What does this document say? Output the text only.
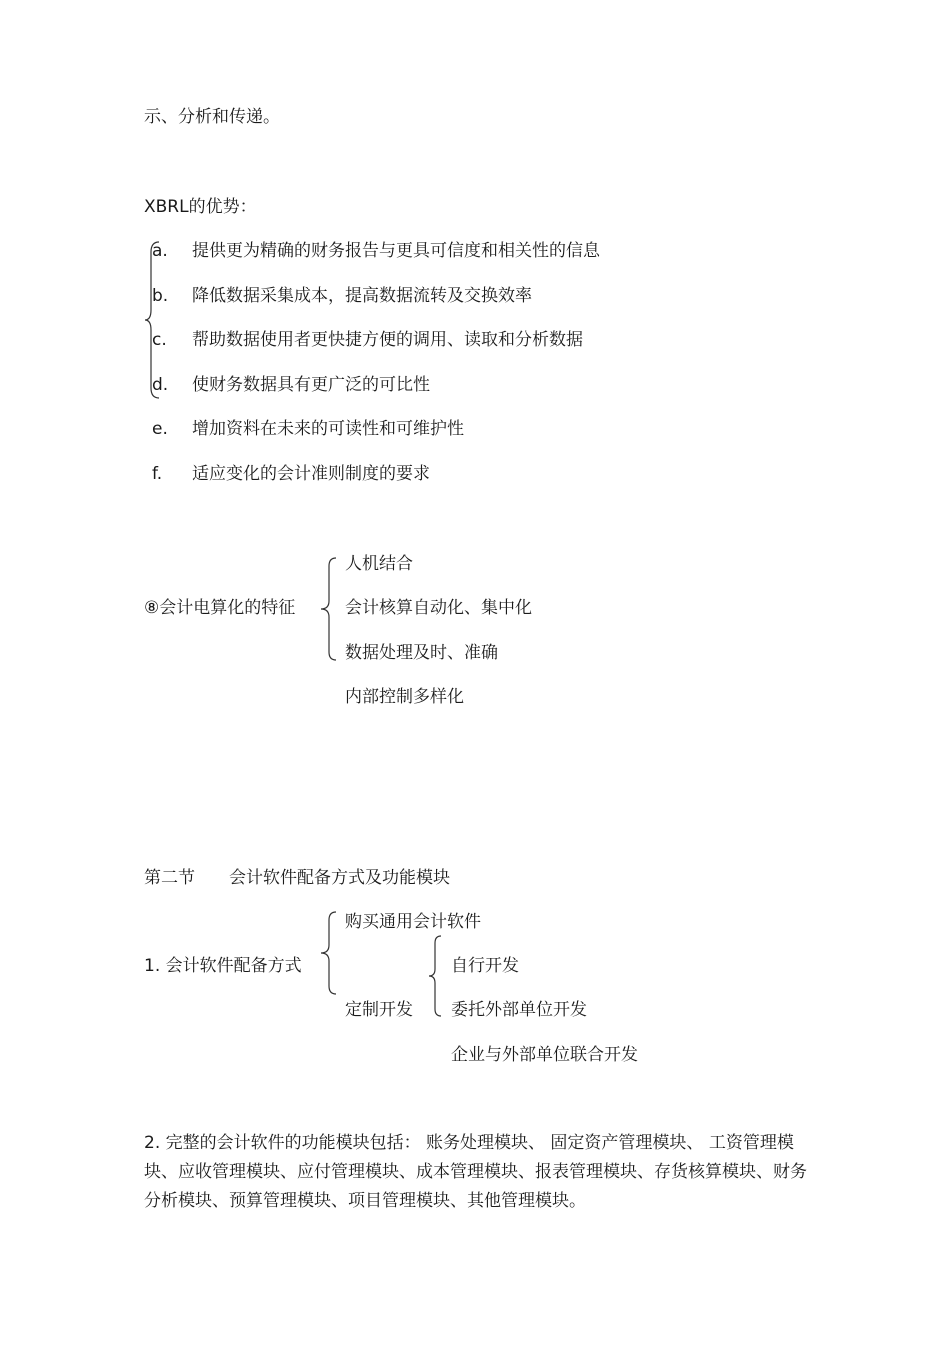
示、分析和传递。
XBRL的优势：
a. 提供更为精确的财务报告与更具可信度和相关性的信息
b. 降低数据采集成本，提高数据流转及交换效率
c. 帮助数据使用者更快捷方便的调用、读取和分析数据
d. 使财务数据具有更广泛的可比性
e. 增加资料在未来的可读性和可维护性
f. 适应变化的会计准则制度的要求
⑧会计电算化的特征
人机结合
会计核算自动化、集中化
数据处理及时、准确
内部控制多样化
第二节 会计软件配备方式及功能模块
1. 会计软件配备方式
购买通用会计软件
定制开发
自行开发
委托外部单位开发
企业与外部单位联合开发
2. 完整的会计软件的功能模块包括： 账务处理模块、 固定资产管理模块、 工资管理模块、应收管理模块、应付管理模块、成本管理模块、报表管理模块、存货核算模块、财务分析模块、预算管理模块、项目管理模块、其他管理模块。
